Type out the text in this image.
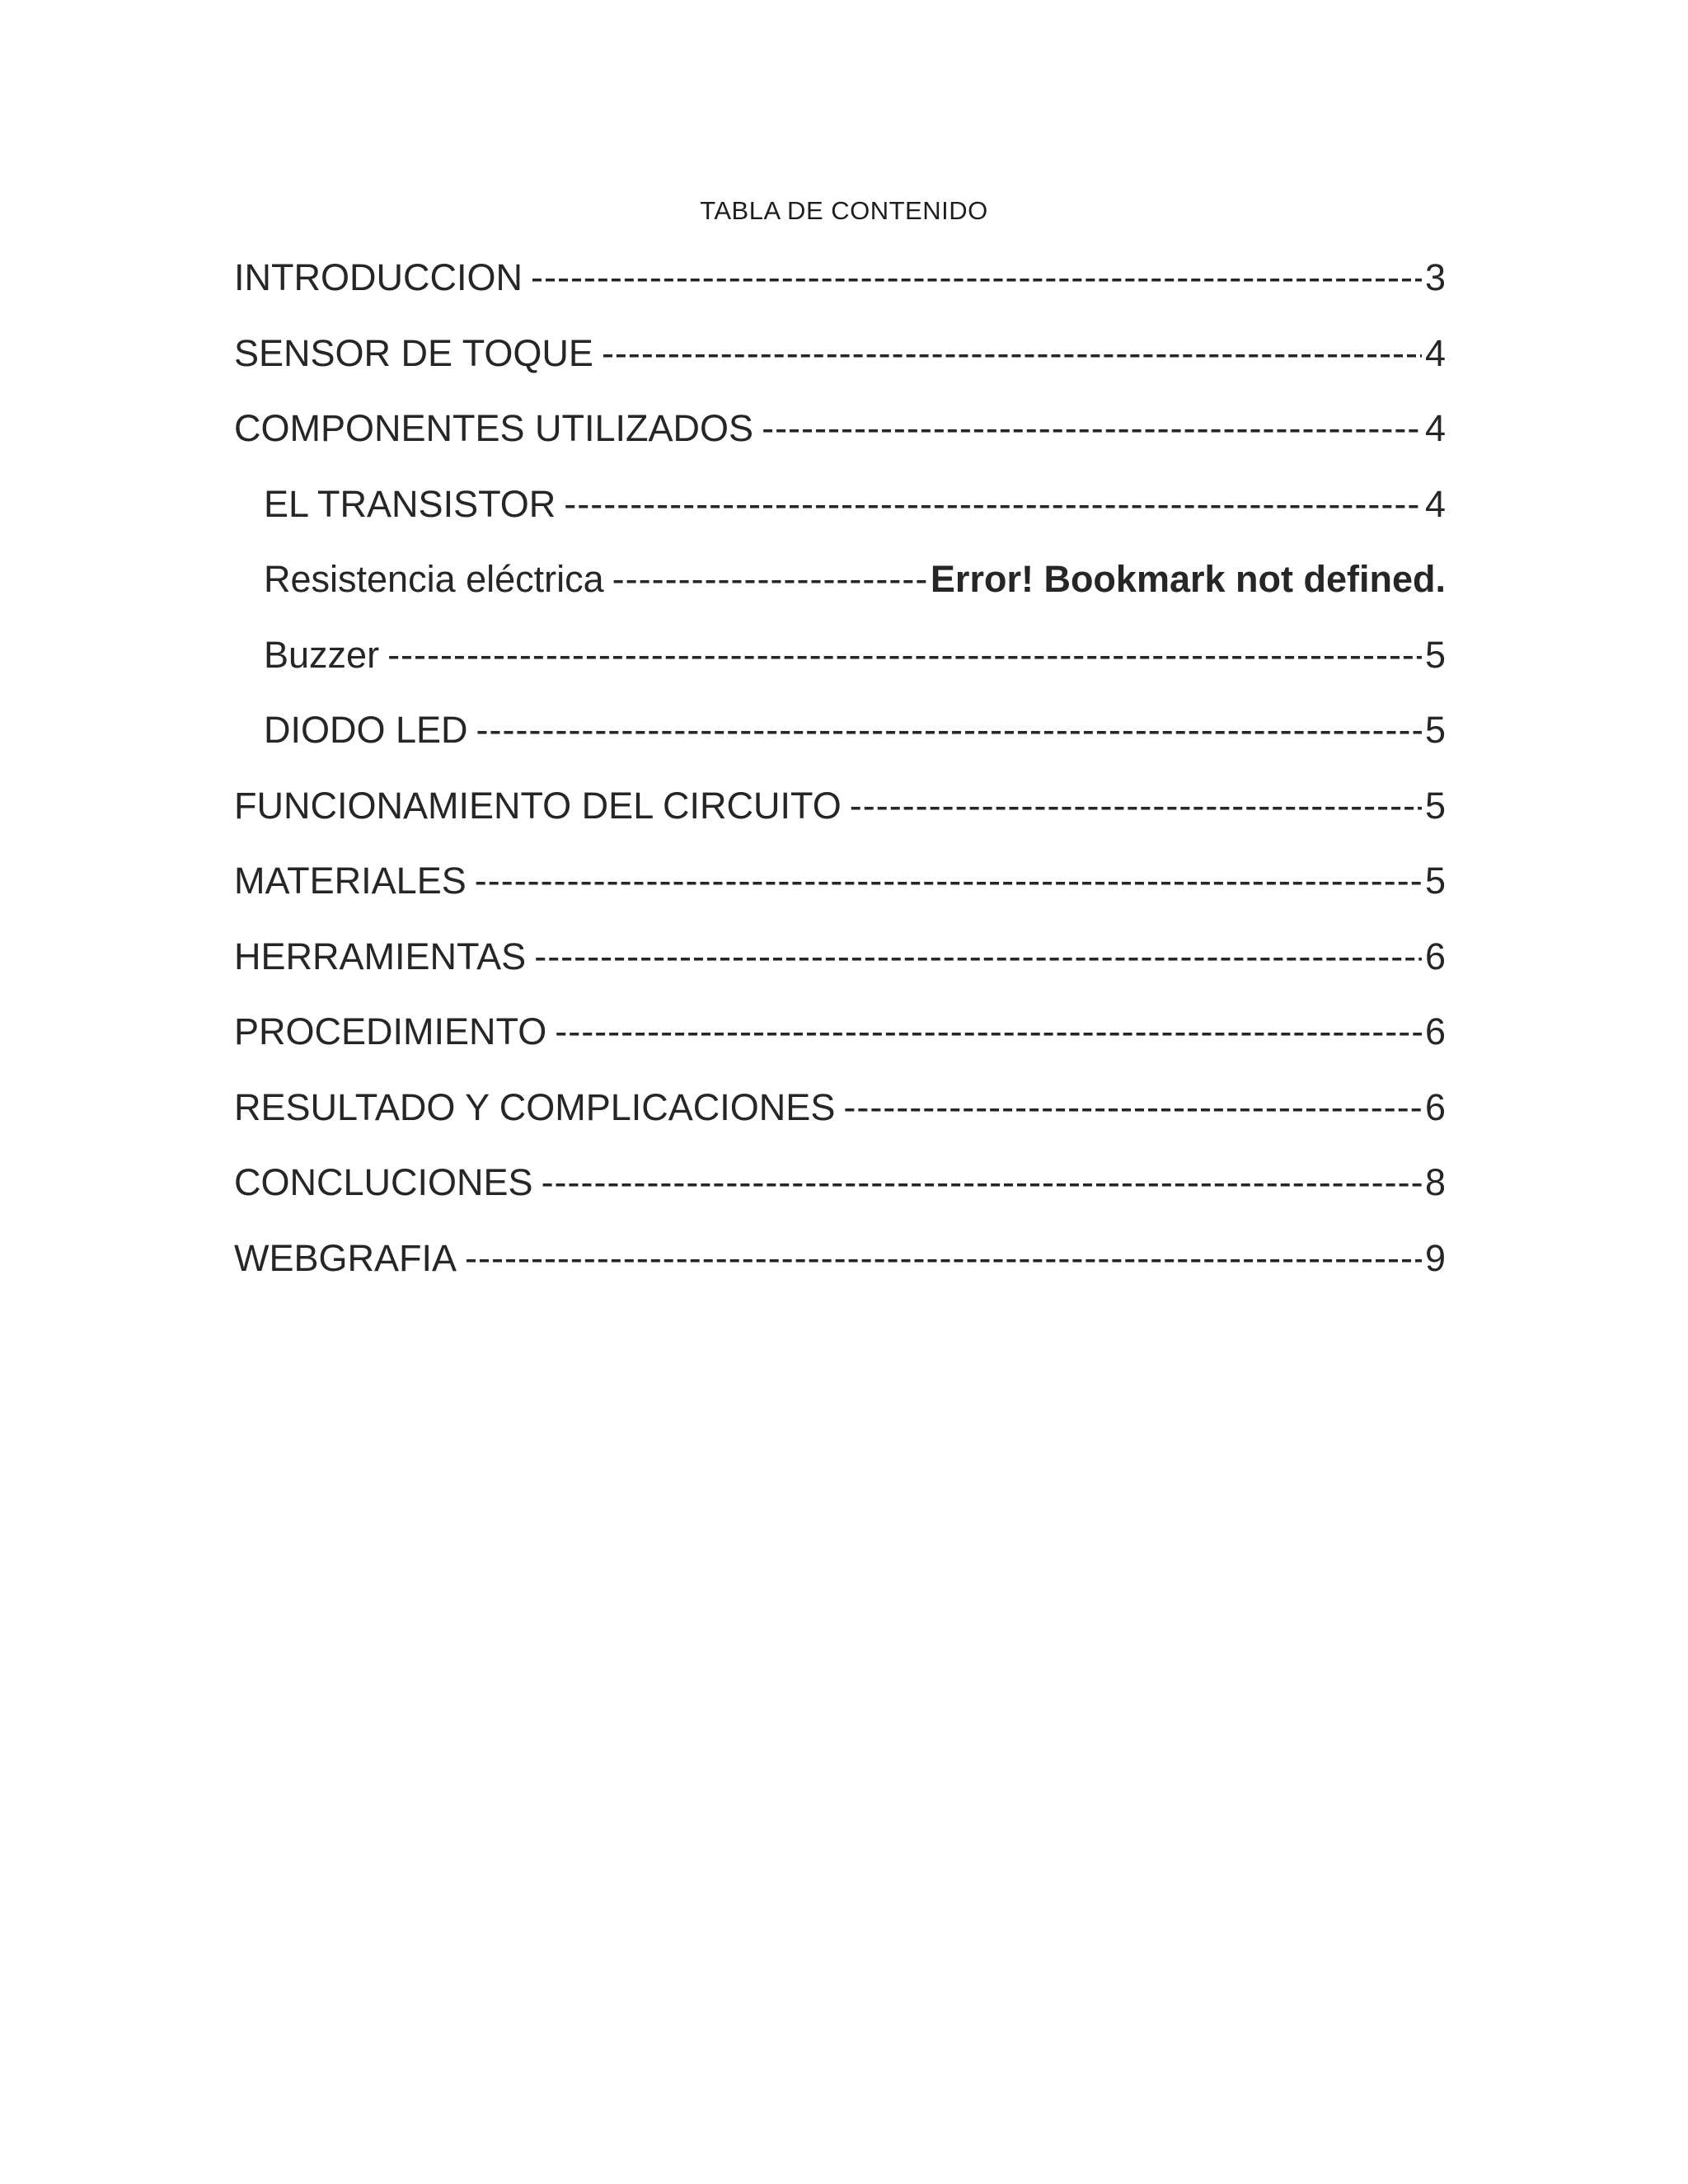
TABLA DE CONTENIDO
INTRODUCCION -----	3
SENSOR DE TOQUE -----	4
COMPONENTES UTILIZADOS -----	4
EL TRANSISTOR -----	4
Resistencia eléctrica -----	Error! Bookmark not defined.
Buzzer -----	5
DIODO LED -----	5
FUNCIONAMIENTO DEL CIRCUITO -----	5
MATERIALES -----	5
HERRAMIENTAS -----	6
PROCEDIMIENTO -----	6
RESULTADO Y COMPLICACIONES -----	6
CONCLUCIONES -----	8
WEBGRAFIA -----	9
